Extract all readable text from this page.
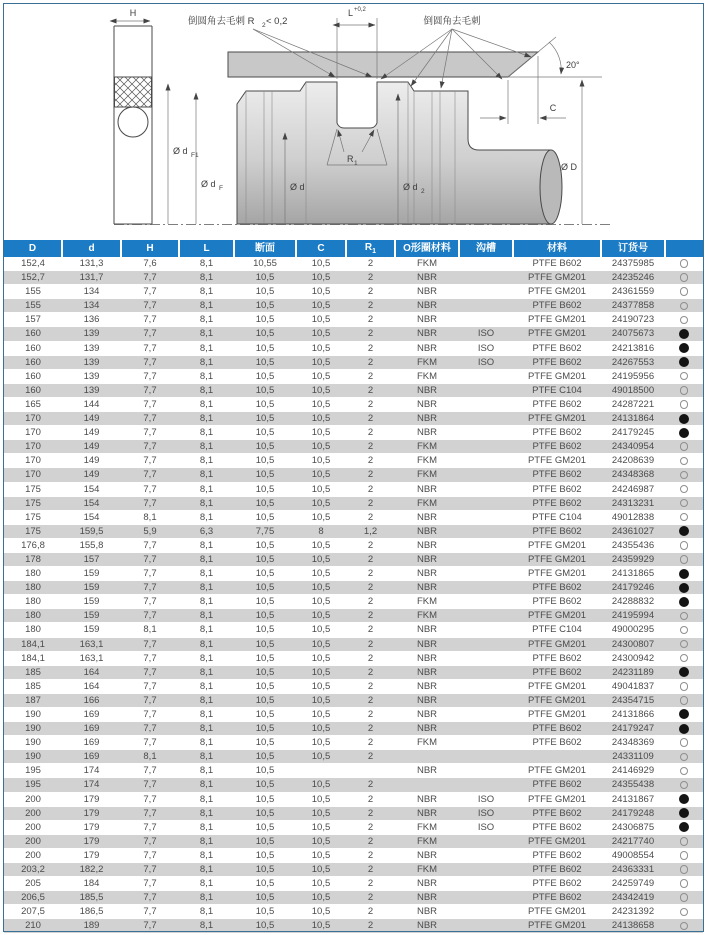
H
20°
R 1
L +0,2
倒圆角去毛刺 R 2 < 0,2	倒圆角去毛刺
C
Ø d F1
Ø d F	Ø d	Ø d 2
Ø D
D	d	H	L	断面	C	$R_1$	O形圈材料	沟槽	材料	订货号	
152,4	131,3	7,6	8,1	10,55	10,5	2	FKM		PTFE B602	24375985	
152,7	131,7	7,7	8,1	10,5	10,5	2	NBR		PTFE GM201	24235246	
155	134	7,7	8,1	10,5	10,5	2	NBR		PTFE GM201	24361559	
155	134	7,7	8,1	10,5	10,5	2	NBR		PTFE B602	24377858	
157	136	7,7	8,1	10,5	10,5	2	NBR		PTFE GM201	24190723	
160	139	7,7	8,1	10,5	10,5	2	NBR	ISO	PTFE GM201	24075673	
160	139	7,7	8,1	10,5	10,5	2	NBR	ISO	PTFE B602	24213816	
160	139	7,7	8,1	10,5	10,5	2	FKM	ISO	PTFE B602	24267553	
160	139	7,7	8,1	10,5	10,5	2	FKM		PTFE GM201	24195956	
160	139	7,7	8,1	10,5	10,5	2	NBR		PTFE C104	49018500	
165	144	7,7	8,1	10,5	10,5	2	NBR		PTFE B602	24287221	
170	149	7,7	8,1	10,5	10,5	2	NBR		PTFE GM201	24131864	
170	149	7,7	8,1	10,5	10,5	2	NBR		PTFE B602	24179245	
170	149	7,7	8,1	10,5	10,5	2	FKM		PTFE B602	24340954	
170	149	7,7	8,1	10,5	10,5	2	FKM		PTFE GM201	24208639	
170	149	7,7	8,1	10,5	10,5	2	FKM		PTFE B602	24348368	
175	154	7,7	8,1	10,5	10,5	2	NBR		PTFE B602	24246987	
175	154	7,7	8,1	10,5	10,5	2	FKM		PTFE B602	24313231	
175	154	8,1	8,1	10,5	10,5	2	NBR		PTFE C104	49012838	
175	159,5	5,9	6,3	7,75	8	1,2	NBR		PTFE B602	24361027	
176,8	155,8	7,7	8,1	10,5	10,5	2	NBR		PTFE GM201	24355436	
178	157	7,7	8,1	10,5	10,5	2	NBR		PTFE GM201	24359929	
180	159	7,7	8,1	10,5	10,5	2	NBR		PTFE GM201	24131865	
180	159	7,7	8,1	10,5	10,5	2	NBR		PTFE B602	24179246	
180	159	7,7	8,1	10,5	10,5	2	FKM		PTFE B602	24288832	
180	159	7,7	8,1	10,5	10,5	2	FKM		PTFE GM201	24195994	
180	159	8,1	8,1	10,5	10,5	2	NBR		PTFE C104	49000295	
184,1	163,1	7,7	8,1	10,5	10,5	2	NBR		PTFE GM201	24300807	
184,1	163,1	7,7	8,1	10,5	10,5	2	NBR		PTFE B602	24300942	
185	164	7,7	8,1	10,5	10,5	2	NBR		PTFE B602	24231189	
185	164	7,7	8,1	10,5	10,5	2	NBR		PTFE GM201	49041837	
187	166	7,7	8,1	10,5	10,5	2	NBR		PTFE GM201	24354715	
190	169	7,7	8,1	10,5	10,5	2	NBR		PTFE GM201	24131866	
190	169	7,7	8,1	10,5	10,5	2	NBR		PTFE B602	24179247	
190	169	7,7	8,1	10,5	10,5	2	FKM		PTFE B602	24348369	
190	169	8,1	8,1	10,5	10,5	2				24331109	
195	174	7,7	8,1	10,5			NBR		PTFE GM201	24146929	
195	174	7,7	8,1	10,5	10,5	2			PTFE B602	24355438	
200	179	7,7	8,1	10,5	10,5	2	NBR	ISO	PTFE GM201	24131867	
200	179	7,7	8,1	10,5	10,5	2	NBR	ISO	PTFE B602	24179248	
200	179	7,7	8,1	10,5	10,5	2	FKM	ISO	PTFE B602	24306875	
200	179	7,7	8,1	10,5	10,5	2	FKM		PTFE GM201	24217740	
200	179	7,7	8,1	10,5	10,5	2	NBR		PTFE B602	49008554	
203,2	182,2	7,7	8,1	10,5	10,5	2	FKM		PTFE B602	24363331	
205	184	7,7	8,1	10,5	10,5	2	NBR		PTFE B602	24259749	
206,5	185,5	7,7	8,1	10,5	10,5	2	NBR		PTFE B602	24342419	
207,5	186,5	7,7	8,1	10,5	10,5	2	NBR		PTFE GM201	24231392	
210	189	7,7	8,1	10,5	10,5	2	NBR		PTFE GM201	24138658	
